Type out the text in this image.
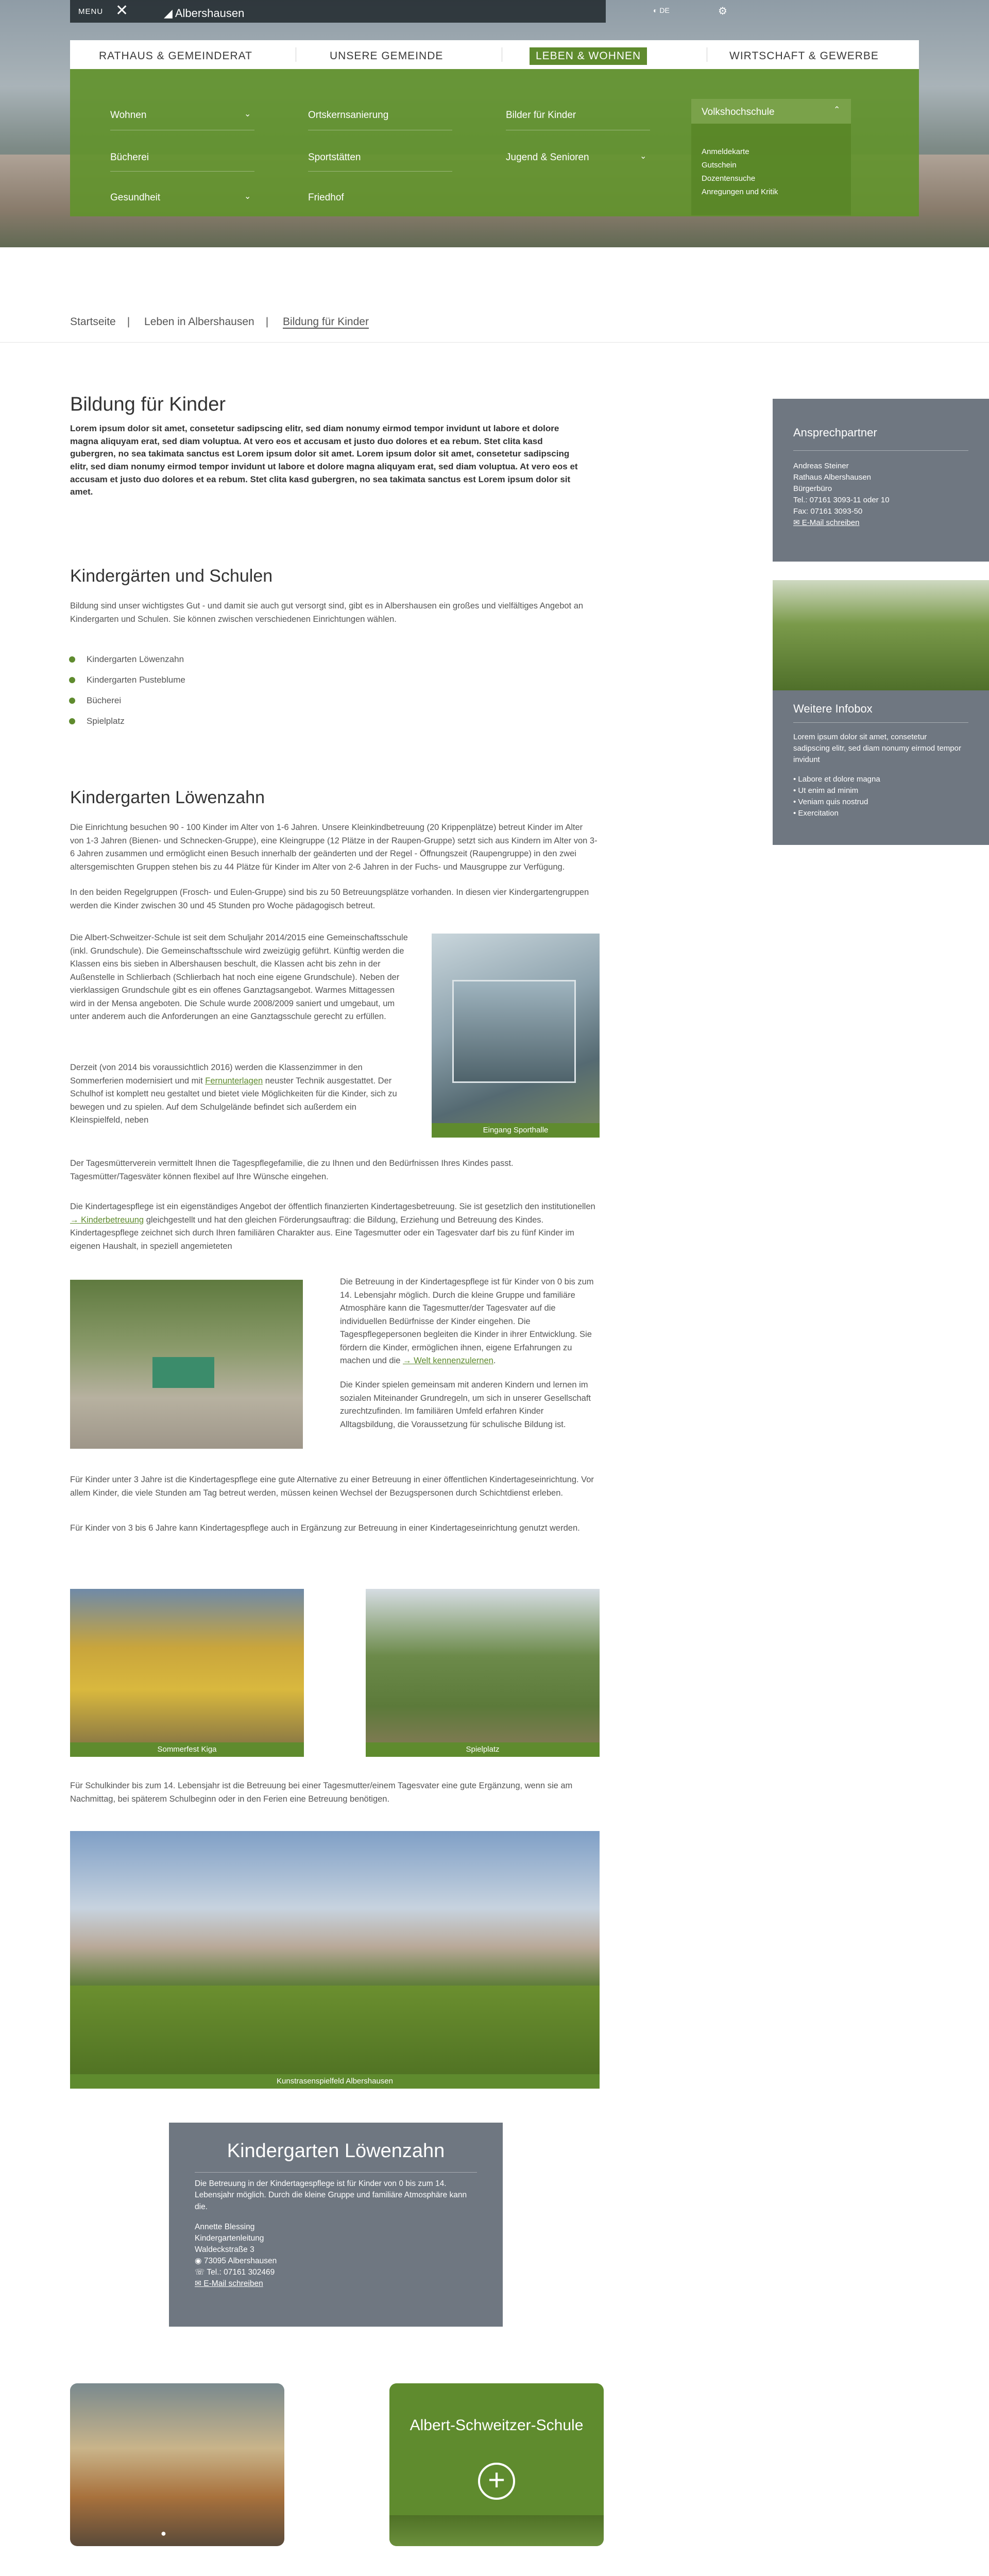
MENU ✕	◢ Albershausen	◐ DE	⚙
RATHAUS & GEMEINDERAT	UNSERE GEMEINDE	LEBEN & WOHNEN	WIRTSCHAFT & GEWERBE
Wohnen	⌄
Bücherei
Gesundheit	⌄
Ortskernsanierung
Sportstätten
Friedhof
Bilder für Kinder
Jugend & Senioren	⌄
Volkshochschule	⌃
Anmeldekarte
Gutschein
Dozentensuche
Anregungen und Kritik
Startseite | Leben in Albershausen | Bildung für Kinder
Bildung für Kinder
Lorem ipsum dolor sit amet, consetetur sadipscing elitr, sed diam nonumy eirmod tempor invidunt ut labore et dolore magna aliquyam erat, sed diam voluptua. At vero eos et accusam et justo duo dolores et ea rebum. Stet clita kasd gubergren, no sea takimata sanctus est Lorem ipsum dolor sit amet. Lorem ipsum dolor sit amet, consetetur sadipscing elitr, sed diam nonumy eirmod tempor invidunt ut labore et dolore magna aliquyam erat, sed diam voluptua. At vero eos et accusam et justo duo dolores et ea rebum. Stet clita kasd gubergren, no sea takimata sanctus est Lorem ipsum dolor sit amet.
Kindergärten und Schulen
Bildung sind unser wichtigstes Gut - und damit sie auch gut versorgt sind, gibt es in Albershausen ein großes und vielfältiges Angebot an Kindergarten und Schulen. Sie können zwischen verschiedenen Einrichtungen wählen.
Kindergarten Löwenzahn
Kindergarten Pusteblume
Bücherei
Spielplatz
Kindergarten Löwenzahn
Die Einrichtung besuchen 90 - 100 Kinder im Alter von 1-6 Jahren. Unsere Kleinkindbetreuung (20 Krippenplätze) betreut Kinder im Alter von 1-3 Jahren (Bienen- und Schnecken-Gruppe), eine Kleingruppe (12 Plätze in der Raupen-Gruppe) setzt sich aus Kindern im Alter von 3-6 Jahren zusammen und ermöglicht einen Besuch innerhalb der geänderten und der Regel - Öffnungszeit (Raupengruppe) in den zwei altersgemischten Gruppen stehen bis zu 44 Plätze für Kinder im Alter von 2-6 Jahren in der Fuchs- und Mausgruppe zur Verfügung.
In den beiden Regelgruppen (Frosch- und Eulen-Gruppe) sind bis zu 50 Betreuungsplätze vorhanden. In diesen vier Kindergartengruppen werden die Kinder zwischen 30 und 45 Stunden pro Woche pädagogisch betreut.
Die Albert-Schweitzer-Schule ist seit dem Schuljahr 2014/2015 eine Gemeinschaftsschule (inkl. Grundschule). Die Gemeinschaftsschule wird zweizügig geführt. Künftig werden die Klassen eins bis sieben in Albershausen beschult, die Klassen acht bis zehn in der Außenstelle in Schlierbach (Schlierbach hat noch eine eigene Grundschule). Neben der vierklassigen Grundschule gibt es ein offenes Ganztagsangebot. Warmes Mittagessen wird in der Mensa angeboten. Die Schule wurde 2008/2009 saniert und umgebaut, um unter anderem auch die Anforderungen an eine Ganztagsschule gerecht zu erfüllen.
Derzeit (von 2014 bis voraussichtlich 2016) werden die Klassenzimmer in den Sommerferien modernisiert und mit Fernunterlagen neuster Technik ausgestattet. Der Schulhof ist komplett neu gestaltet und bietet viele Möglichkeiten für die Kinder, sich zu bewegen und zu spielen. Auf dem Schulgelände befindet sich außerdem ein Kleinspielfeld, neben
Eingang Sporthalle
Der Tagesmütterverein vermittelt Ihnen die Tagespflegefamilie, die zu Ihnen und den Bedürfnissen Ihres Kindes passt. Tagesmütter/Tagesväter können flexibel auf Ihre Wünsche eingehen.
Die Kindertagespflege ist ein eigenständiges Angebot der öffentlich finanzierten Kindertagesbetreuung. Sie ist gesetzlich den institutionellen → Kinderbetreuung gleichgestellt und hat den gleichen Förderungsauftrag: die Bildung, Erziehung und Betreuung des Kindes. Kindertagespflege zeichnet sich durch Ihren familiären Charakter aus. Eine Tagesmutter oder ein Tagesvater darf bis zu fünf Kinder im eigenen Haushalt, in speziell angemieteten
Die Betreuung in der Kindertagespflege ist für Kinder von 0 bis zum 14. Lebensjahr möglich. Durch die kleine Gruppe und familiäre Atmosphäre kann die Tagesmutter/der Tagesvater auf die individuellen Bedürfnisse der Kinder eingehen. Die Tagespflegepersonen begleiten die Kinder in ihrer Entwicklung. Sie fördern die Kinder, ermöglichen ihnen, eigene Erfahrungen zu machen und die → Welt kennenzulernen.
Die Kinder spielen gemeinsam mit anderen Kindern und lernen im sozialen Miteinander Grundregeln, um sich in unserer Gesellschaft zurechtzufinden. Im familiären Umfeld erfahren Kinder Alltagsbildung, die Voraussetzung für schulische Bildung ist.
Für Kinder unter 3 Jahre ist die Kindertagespflege eine gute Alternative zu einer Betreuung in einer öffentlichen Kindertageseinrichtung. Vor allem Kinder, die viele Stunden am Tag betreut werden, müssen keinen Wechsel der Bezugspersonen durch Schichtdienst erleben.
Für Kinder von 3 bis 6 Jahre kann Kindertagespflege auch in Ergänzung zur Betreuung in einer Kindertageseinrichtung genutzt werden.
Sommerfest Kiga	Spielplatz
Für Schulkinder bis zum 14. Lebensjahr ist die Betreuung bei einer Tagesmutter/einem Tagesvater eine gute Ergänzung, wenn sie am Nachmittag, bei späterem Schulbeginn oder in den Ferien eine Betreuung benötigen.
Kunstrasenspielfeld Albershausen
Kindergarten Löwenzahn
Die Betreuung in der Kindertagespflege ist für Kinder von 0 bis zum 14. Lebensjahr möglich. Durch die kleine Gruppe und familiäre Atmosphäre kann die.
Annette Blessing
Kindergartenleitung
Waldeckstraße 3
◉ 73095 Albershausen
☏ Tel.: 07161 302469
✉ E-Mail schreiben
●
Albert-Schweitzer-Schule
+
Ansprechpartner
Andreas Steiner
Rathaus Albershausen
Bürgerbüro
Tel.: 07161 3093-11 oder 10
Fax: 07161 3093-50
✉ E-Mail schreiben
Weitere Infobox
Lorem ipsum dolor sit amet, consetetur sadipscing elitr, sed diam nonumy eirmod tempor invidunt
• Labore et dolore magna
• Ut enim ad minim
• Veniam quis nostrud
• Exercitation
